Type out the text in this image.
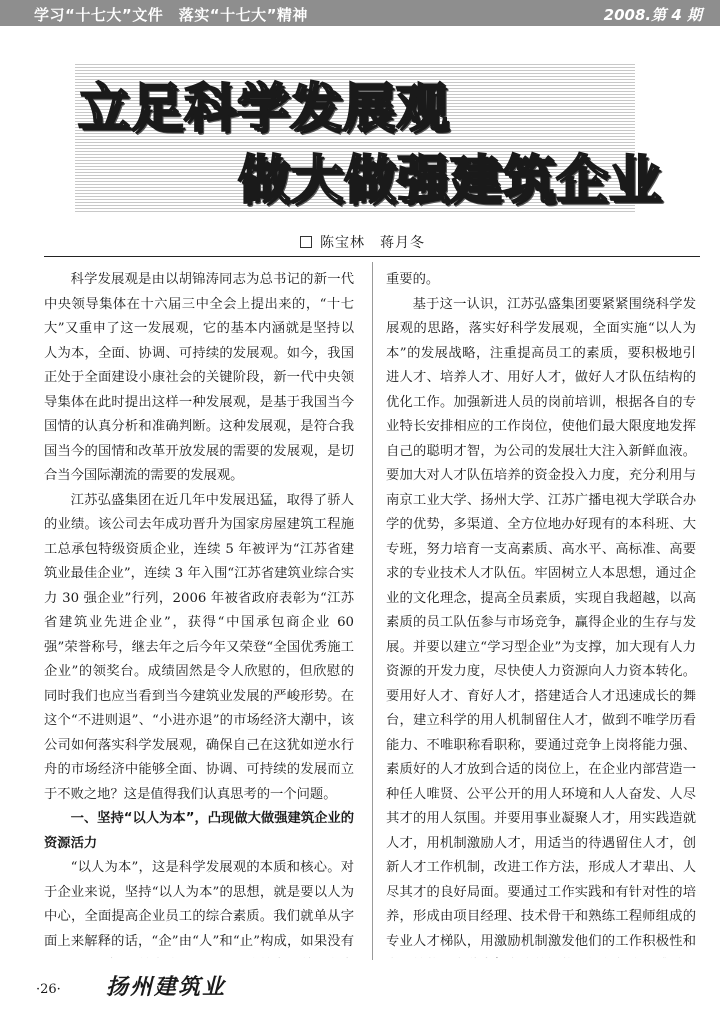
学习“十七大”文件　落实“十七大”精神	2008.第 4 期
立足科学发展观
做大做强建筑企业
陈宝林　蒋月冬

科学发展观是由以胡锦涛同志为总书记的新一代中央领导集体在十六届三中全会上提出来的，“十七大”又重申了这一发展观，它的基本内涵就是坚持以人为本，全面、协调、可持续的发展观。如今，我国正处于全面建设小康社会的关键阶段，新一代中央领导集体在此时提出这样一种发展观，是基于我国当今国情的认真分析和准确判断。这种发展观，是符合我国当今的国情和改革开放发展的需要的发展观，是切合当今国际潮流的需要的发展观。

江苏弘盛集团在近几年中发展迅猛，取得了骄人的业绩。该公司去年成功晋升为国家房屋建筑工程施工总承包特级资质企业，连续 5 年被评为“江苏省建筑业最佳企业”，连续 3 年入围“江苏省建筑业综合实力 30 强企业”行列，2006 年被省政府表彰为“江苏省建筑业先进企业”，获得“中国承包商企业 60 强”荣誉称号，继去年之后今年又荣登“全国优秀施工企业”的领奖台。成绩固然是令人欣慰的，但欣慰的同时我们也应当看到当今建筑业发展的严峻形势。在这个“不进则退”、“小进亦退”的市场经济大潮中，该公司如何落实科学发展观，确保自己在这犹如逆水行舟的市场经济中能够全面、协调、可持续的发展而立于不败之地？这是值得我们认真思考的一个问题。

一、坚持“以人为本”，凸现做大做强建筑企业的资源活力

“以人为本”，这是科学发展观的本质和核心。对于企业来说，坚持“以人为本”的思想，就是要以人为中心，全面提高企业员工的综合素质。我们就单从字面上来解释的话，“企”由“人”和“止”构成，如果没有

重要的。

基于这一认识，江苏弘盛集团要紧紧围绕科学发展观的思路，落实好科学发展观，全面实施“以人为本”的发展战略，注重提高员工的素质，要积极地引进人才、培养人才、用好人才，做好人才队伍结构的优化工作。加强新进人员的岗前培训，根据各自的专业特长安排相应的工作岗位，使他们最大限度地发挥自己的聪明才智，为公司的发展壮大注入新鲜血液。要加大对人才队伍培养的资金投入力度，充分利用与南京工业大学、扬州大学、江苏广播电视大学联合办学的优势，多渠道、全方位地办好现有的本科班、大专班，努力培育一支高素质、高水平、高标准、高要求的专业技术人才队伍。牢固树立人本思想，通过企业的文化理念，提高全员素质，实现自我超越，以高素质的员工队伍参与市场竞争，赢得企业的生存与发展。并要以建立“学习型企业”为支撑，加大现有人力资源的开发力度，尽快使人力资源向人力资本转化。要用好人才、育好人才，搭建适合人才迅速成长的舞台，建立科学的用人机制留住人才，做到不唯学历看能力、不唯职称看职称，要通过竞争上岗将能力强、素质好的人才放到合适的岗位上，在企业内部营造一种任人唯贤、公平公开的用人环境和人人奋发、人尽其才的用人氛围。并要用事业凝聚人才，用实践造就人才，用机制激励人才，用适当的待遇留住人才，创新人才工作机制，改进工作方法，形成人才辈出、人尽其才的良好局面。要通过工作实践和有针对性的培养，形成由项目经理、技术骨干和熟练工程师组成的专业人才梯队，用激励机制激发他们的工作积极性和

·26· 扬州建筑业
